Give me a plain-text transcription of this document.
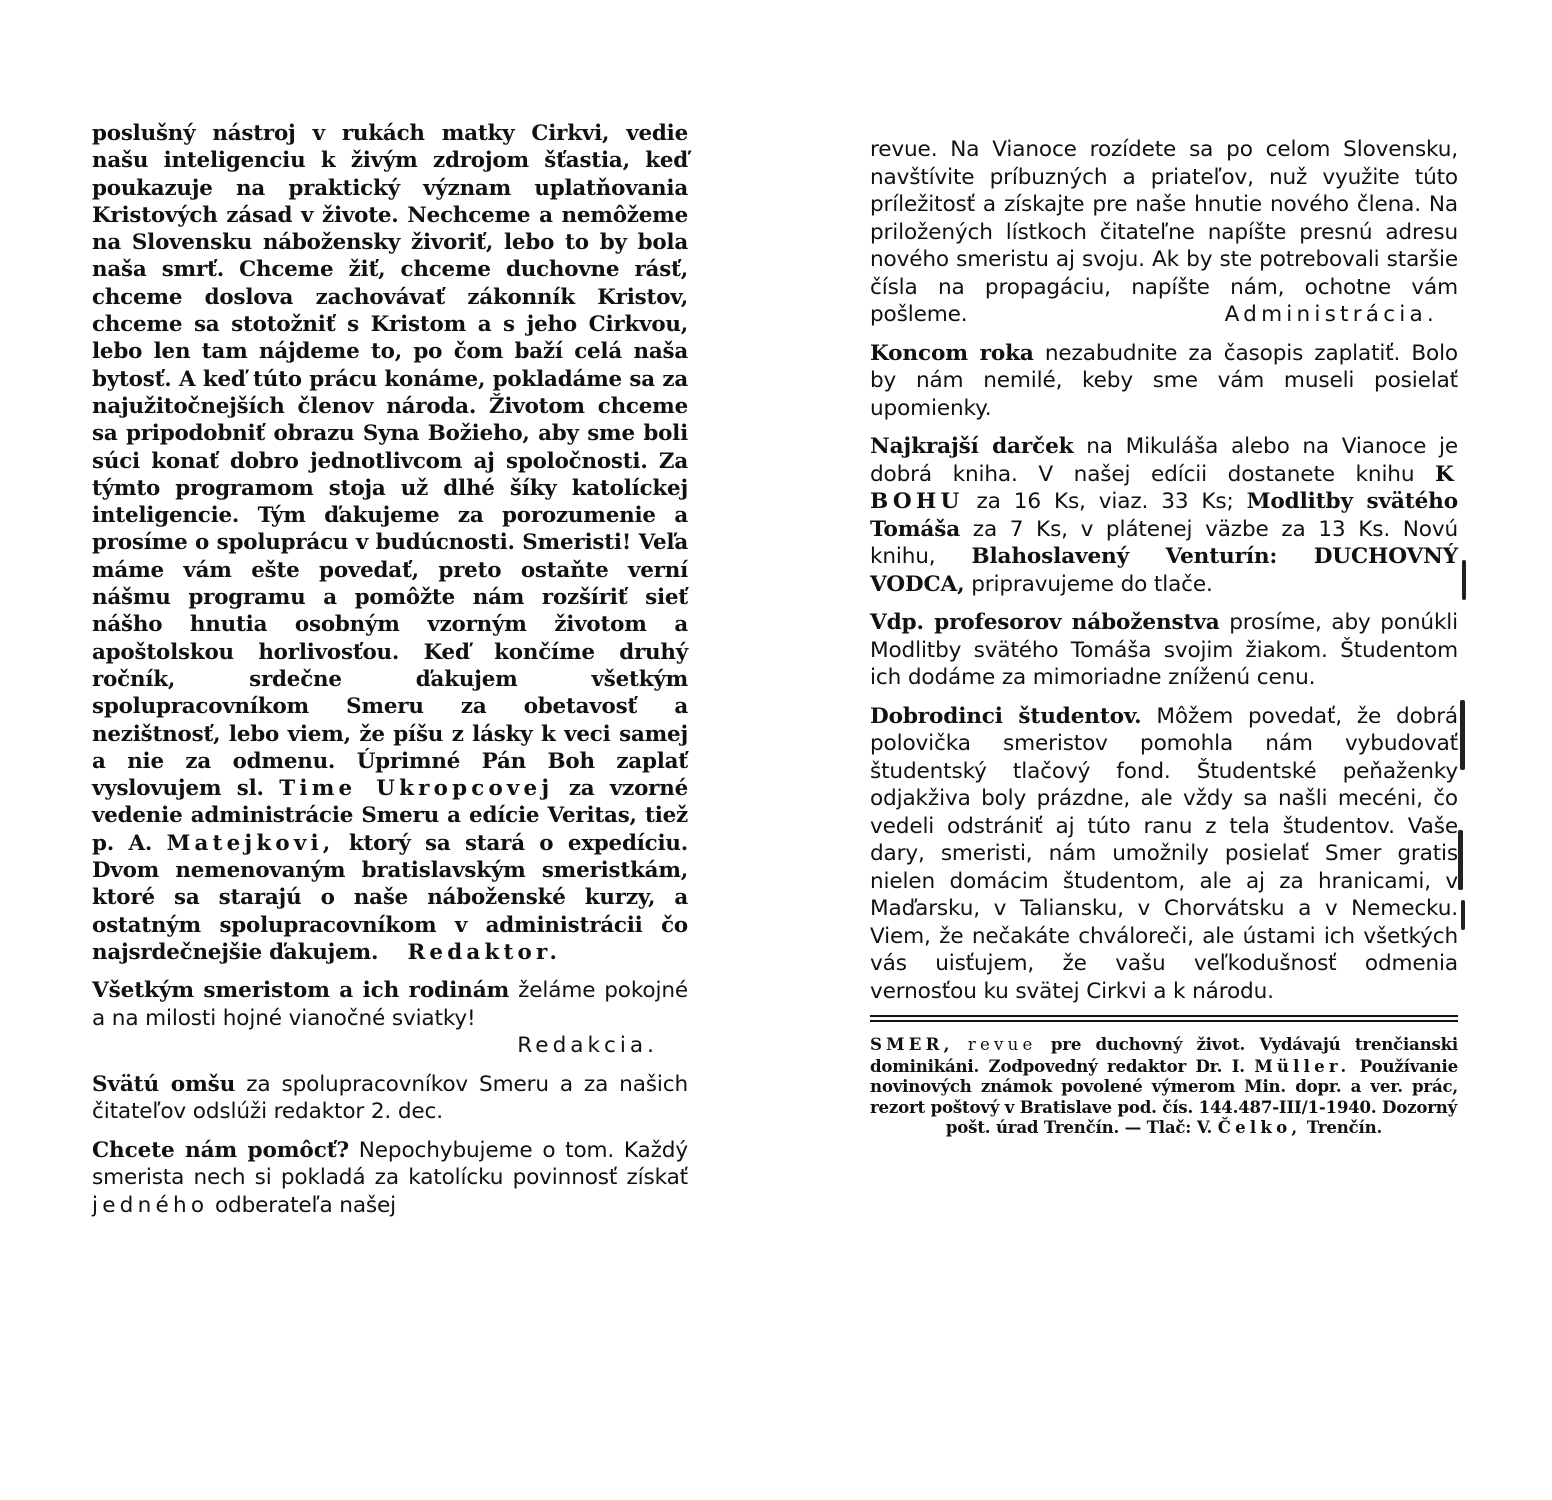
poslušný nástroj v rukách matky Cirkvi, vedie našu inteligenciu k živým zdrojom šťastia, keď poukazuje na praktický význam uplatňovania Kristových zásad v živote. Nechceme a nemôžeme na Slovensku nábožensky živoriť, lebo to by bola naša smrť. Chceme žiť, chceme duchovne rásť, chceme doslova zachovávať zákonník Kristov, chceme sa stotožniť s Kristom a s jeho Cirkvou, lebo len tam nájdeme to, po čom baží celá naša bytosť. A keď túto prácu konáme, pokladáme sa za najužitočnejších členov národa. Životom chceme sa pripodobniť obrazu Syna Božieho, aby sme boli súci konať dobro jednotlivcom aj spoločnosti. Za týmto programom stoja už dlhé šíky katolíckej inteligencie. Tým ďakujeme za porozumenie a prosíme o spoluprácu v budúcnosti. Smeristi! Veľa máme vám ešte povedať, preto ostaňte verní nášmu programu a pomôžte nám rozšíriť sieť nášho hnutia osobným vzorným životom a apoštolskou horlivosťou. Keď končíme druhý ročník, srdečne ďakujem všetkým spolupracovníkom Smeru za obetavosť a nezištnosť, lebo viem, že píšu z lásky k veci samej a nie za odmenu. Úprimné Pán Boh zaplať vyslovujem sl. Time Ukropcovej za vzorné vedenie administrácie Smeru a edície Veritas, tiež p. A. Matejkovi, ktorý sa stará o expedíciu. Dvom nemenovaným bratislavským smeristkám, ktoré sa starajú o naše náboženské kurzy, a ostatným spolupracovníkom v administrácii čo najsrdečnejšie ďakujem. Redaktor.

Všetkým smeristom a ich rodinám želáme pokojné a na milosti hojné vianočné sviatky!

Redakcia.

Svätú omšu za spolupracovníkov Smeru a za našich čitateľov odslúži redaktor 2. dec.

Chcete nám pomôcť? Nepochybujeme o tom. Každý smerista nech si pokladá za katolícku povinnosť získať jedného odberateľa našej

revue. Na Vianoce rozídete sa po celom Slovensku, navštívite príbuzných a priateľov, nuž využite túto príležitosť a získajte pre naše hnutie nového člena. Na priložených lístkoch čitateľne napíšte presnú adresu nového smeristu aj svoju. Ak by ste potrebovali staršie čísla na propagáciu, napíšte nám, ochotne vám pošleme.	Administrácia.

Koncom roka nezabudnite za časopis zaplatiť. Bolo by nám nemilé, keby sme vám museli posielať upomienky.

Najkrajší darček na Mikuláša alebo na Vianoce je dobrá kniha. V našej edícii dostanete knihu K BOHU za 16 Ks, viaz. 33 Ks; Modlitby svätého Tomáša za 7 Ks, v plátenej väzbe za 13 Ks. Novú knihu, Blahoslavený Venturín: DUCHOVNÝ VODCA, pripravujeme do tlače.

Vdp. profesorov náboženstva prosíme, aby ponúkli Modlitby svätého Tomáša svojim žiakom. Študentom ich dodáme za mimoriadne zníženú cenu.

Dobrodinci študentov. Môžem povedať, že dobrá polovička smeristov pomohla nám vybudovať študentský tlačový fond. Študentské peňaženky odjakživa boly prázdne, ale vždy sa našli mecéni, čo vedeli odstrániť aj túto ranu z tela študentov. Vaše dary, smeristi, nám umožnily posielať Smer gratis nielen domácim študentom, ale aj za hranicami, v Maďarsku, v Taliansku, v Chorvátsku a v Nemecku. Viem, že nečakáte chváloreči, ale ústami ich všetkých vás uisťujem, že vašu veľkodušnosť odmenia vernosťou ku svätej Cirkvi a k národu.

SMER, revue pre duchovný život. Vydávajú trenčianski dominikáni. Zodpovedný redaktor Dr. I. Müller. Používanie novinových známok povolené výmerom Min. dopr. a ver. prác, rezort poštový v Bratislave pod. čís. 144.487-III/1-1940. Dozorný

pošt. úrad Trenčín. — Tlač: V. Čelko, Trenčín.
